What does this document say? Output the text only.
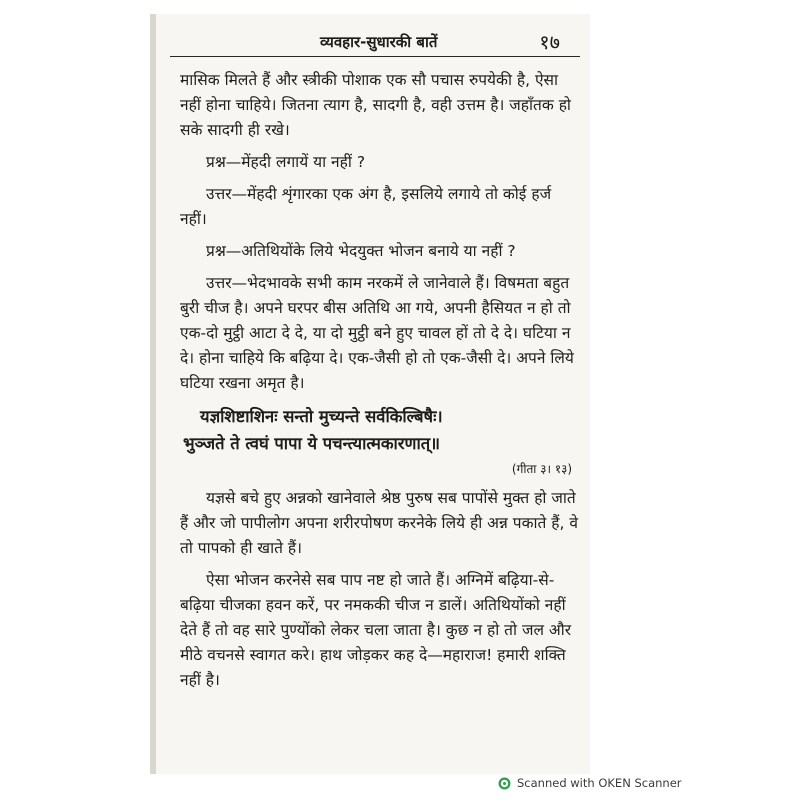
व्यवहार-सुधारकी बातें	१७

मासिक मिलते हैं और स्त्रीकी पोशाक एक सौ पचास रुपयेकी है, ऐसा नहीं होना चाहिये। जितना त्याग है, सादगी है, वही उत्तम है। जहाँतक हो सके सादगी ही रखे।

प्रश्न—मेंहदी लगायें या नहीं ?

उत्तर—मेंहदी शृंगारका एक अंग है, इसलिये लगाये तो कोई हर्ज नहीं।

प्रश्न—अतिथियोंके लिये भेदयुक्त भोजन बनाये या नहीं ?

उत्तर—भेदभावके सभी काम नरकमें ले जानेवाले हैं। विषमता बहुत बुरी चीज है। अपने घरपर बीस अतिथि आ गये, अपनी हैसियत न हो तो एक-दो मुट्ठी आटा दे दे, या दो मुट्ठी बने हुए चावल हों तो दे दे। घटिया न दे। होना चाहिये कि बढ़िया दे। एक-जैसी हो तो एक-जैसी दे। अपने लिये घटिया रखना अमृत है।

यज्ञशिष्टाशिनः सन्तो मुच्यन्ते सर्वकिल्बिषैः।
भुञ्जते ते त्वघं पापा ये पचन्त्यात्मकारणात्॥
(गीता ३। १३)

यज्ञसे बचे हुए अन्नको खानेवाले श्रेष्ठ पुरुष सब पापोंसे मुक्त हो जाते हैं और जो पापीलोग अपना शरीरपोषण करनेके लिये ही अन्न पकाते हैं, वे तो पापको ही खाते हैं।

ऐसा भोजन करनेसे सब पाप नष्ट हो जाते हैं। अग्निमें बढ़िया-से-बढ़िया चीजका हवन करें, पर नमककी चीज न डालें। अतिथियोंको नहीं देते हैं तो वह सारे पुण्योंको लेकर चला जाता है। कुछ न हो तो जल और मीठे वचनसे स्वागत करे। हाथ जोड़कर कह दे—महाराज! हमारी शक्ति नहीं है।

Scanned with OKEN Scanner
